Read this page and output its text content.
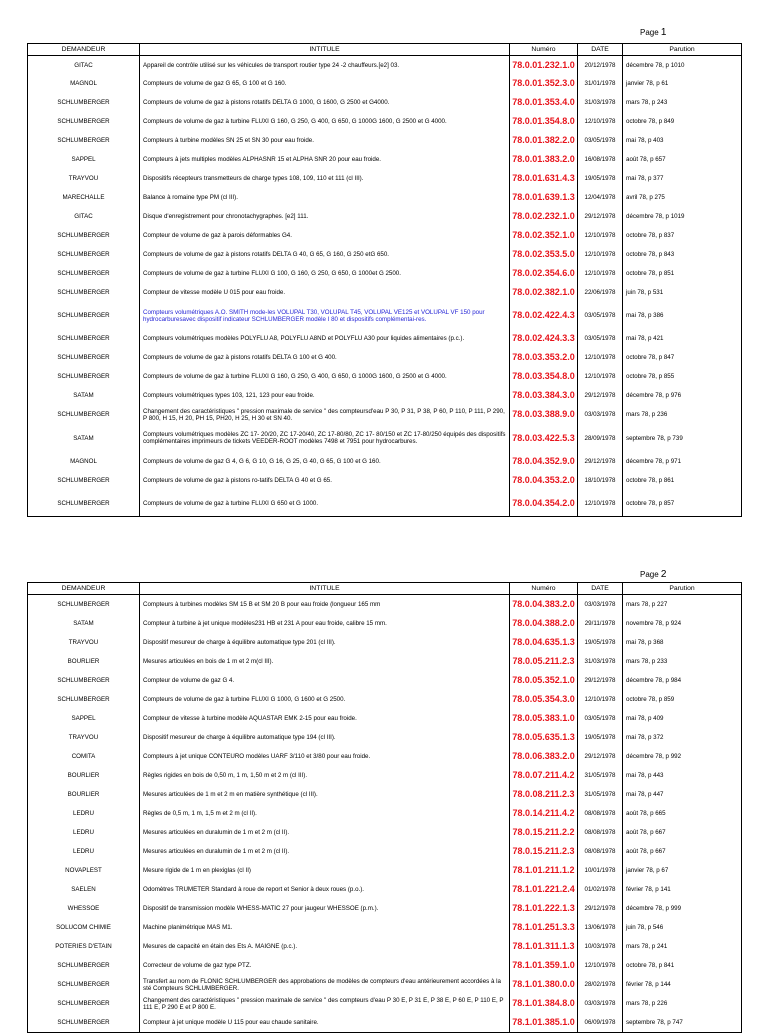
Page 1
DEMANDEUR	INTITULE	Numéro	DATE	Parution
GITAC	Appareil de contrôle utilisé sur les véhicules de transport routier type 24 -2 chauffeurs.[e2] 03.	78.0.01.232.1.0	20/12/1978	décembre 78, p 1010
MAGNOL	Compteurs de volume de gaz G 65, G 100 et G 160.	78.0.01.352.3.0	31/01/1978	janvier 78, p 61
SCHLUMBERGER	Compteurs de volume de gaz à pistons rotatifs DELTA G 1000, G 1600, G 2500 et G4000.	78.0.01.353.4.0	31/03/1978	mars 78, p 243
SCHLUMBERGER	Compteurs de volume de gaz à turbine FLUXI G 160, G 250, G 400, G 650, G 1000G 1600, G 2500 et G 4000.	78.0.01.354.8.0	12/10/1978	octobre 78, p 849
SCHLUMBERGER	Compteurs à turbine modèles SN 25 et SN 30 pour eau froide.	78.0.01.382.2.0	03/05/1978	mai 78, p 403
SAPPEL	Compteurs à jets multiples modèles ALPHASNR 15 et ALPHA SNR 20 pour eau froide.	78.0.01.383.2.0	16/08/1978	août 78, p 657
TRAYVOU	Dispositifs récepteurs transmetteurs de charge types 108, 109, 110 et 111 (cl III).	78.0.01.631.4.3	19/05/1978	mai 78, p 377
MARECHALLE	Balance à romaine type PM (cl III).	78.0.01.639.1.3	12/04/1978	avril 78, p 275
GITAC	Disque d'enregistrement pour chronotachygraphes. [e2] 111.	78.0.02.232.1.0	29/12/1978	décembre 78, p 1019
SCHLUMBERGER	Compteur de volume de gaz à parois déformables G4.	78.0.02.352.1.0	12/10/1978	octobre 78, p 837
SCHLUMBERGER	Compteurs de volume de gaz à pistons rotatifs DELTA G 40, G 65, G 160, G 250 etG 650.	78.0.02.353.5.0	12/10/1978	octobre 78, p 843
SCHLUMBERGER	Compteurs de volume de gaz à turbine FLUXI G 100, G 160, G 250, G 650, G 1000et G 2500.	78.0.02.354.6.0	12/10/1978	octobre 78, p 851
SCHLUMBERGER	Compteur de vitesse modèle U 015 pour eau froide.	78.0.02.382.1.0	22/06/1978	juin 78, p 531
SCHLUMBERGER	Compteurs volumétriques A.O. SMITH mode-les VOLUPAL T30, VOLUPAL T45, VOLUPAL VE125 et VOLUPAL VF 150 pour hydrocarburesavec dispositif indicateur SCHLUMBERGER modèle I 80 et dispositifs complémentai-res.	78.0.02.422.4.3	03/05/1978	mai 78, p 386
SCHLUMBERGER	Compteurs volumétriques modèles POLYFLU A8, POLYFLU A8ND et POLYFLU A30 pour liquides alimentaires (p.c.).	78.0.02.424.3.3	03/05/1978	mai 78, p 421
SCHLUMBERGER	Compteurs de volume de gaz à pistons rotatifs DELTA G 100 et G 400.	78.0.03.353.2.0	12/10/1978	octobre 78, p 847
SCHLUMBERGER	Compteurs de volume de gaz à turbine FLUXI G 160, G 250, G 400, G 650, G 1000G 1600, G 2500 et G 4000.	78.0.03.354.8.0	12/10/1978	octobre 78, p 855
SATAM	Compteurs volumétriques types 103, 121, 123 pour eau froide.	78.0.03.384.3.0	29/12/1978	décembre 78, p 976
SCHLUMBERGER	Changement des caractéristiques " pression maximale de service " des compteursd'eau P 30, P 31, P 38, P 60, P 110, P 111, P 290, P 800, H 15, H 20, PH 15, PH20, H 25, H 30 et SN 40.	78.0.03.388.9.0	03/03/1978	mars 78, p 236
SATAM	Compteurs volumétriques modèles ZC 17- 20/20, ZC 17-20/40, ZC 17-80/80, ZC 17- 80/150 et ZC 17-80/250 équipés des dispositifs complémentaires imprimeurs de tickets VEEDER-ROOT modèles 7498 et 7951 pour hydrocarbures.	78.0.03.422.5.3	28/09/1978	septembre 78, p 739
MAGNOL	Compteurs de volume de gaz G 4, G 6, G 10, G 16, G 25, G 40, G 65, G 100 et G 160.	78.0.04.352.9.0	29/12/1978	décembre 78, p 971
SCHLUMBERGER	Compteurs de volume de gaz à pistons ro-tatifs DELTA G 40 et G 65.	78.0.04.353.2.0	18/10/1978	octobre 78, p 861
SCHLUMBERGER	Compteurs de volume de gaz à turbine FLUXI G 650 et G 1000.	78.0.04.354.2.0	12/10/1978	octobre 78, p 857
Page 2
DEMANDEUR	INTITULE	Numéro	DATE	Parution
SCHLUMBERGER	Compteurs à turbines modèles SM 15 B et SM 20 B pour eau froide (longueur 165 mm	78.0.04.383.2.0	03/03/1978	mars 78, p 227
SATAM	Compteur à turbine à jet unique modèles231 HB et 231 A pour eau froide, calibre 15 mm.	78.0.04.388.2.0	29/11/1978	novembre 78, p 924
TRAYVOU	Dispositif mesureur de charge à équilibre automatique type 201 (cl III).	78.0.04.635.1.3	19/05/1978	mai 78, p 368
BOURLIER	Mesures articulées en bois de 1 m et 2 m(cl III).	78.0.05.211.2.3	31/03/1978	mars 78, p 233
SCHLUMBERGER	Compteur de volume de gaz G 4.	78.0.05.352.1.0	29/12/1978	décembre 78, p 984
SCHLUMBERGER	Compteurs de volume de gaz à turbine FLUXI G 1000, G 1600 et G 2500.	78.0.05.354.3.0	12/10/1978	octobre 78, p 859
SAPPEL	Compteur de vitesse à turbine modèle AQUASTAR EMK 2-15 pour eau froide.	78.0.05.383.1.0	03/05/1978	mai 78, p 409
TRAYVOU	Dispositif mesureur de charge à équilibre automatique type 194 (cl III).	78.0.05.635.1.3	19/05/1978	mai 78, p 372
COMITA	Compteurs à jet unique CONTEURO modèles UARF 3/110 et 3/80 pour eau froide.	78.0.06.383.2.0	29/12/1978	décembre 78, p 992
BOURLIER	Règles rigides en bois de 0,50 m, 1 m, 1,50 m et 2 m (cl III).	78.0.07.211.4.2	31/05/1978	mai 78, p 443
BOURLIER	Mesures articulées de 1 m et 2 m en matière synthétique (cl III).	78.0.08.211.2.3	31/05/1978	mai 78, p 447
LEDRU	Règles de 0,5 m, 1 m, 1,5 m et 2 m (cl II).	78.0.14.211.4.2	08/08/1978	août 78, p 665
LEDRU	Mesures articulées en duralumin de 1 m et 2 m (cl II).	78.0.15.211.2.2	08/08/1978	août 78, p 667
LEDRU	Mesures articulées en duralumin de 1 m et 2 m (cl II).	78.0.15.211.2.3	08/08/1978	août 78, p 667
NOVAPLEST	Mesure rigide de 1 m en plexiglas (cl II)	78.1.01.211.1.2	10/01/1978	janvier 78, p 67
SAELEN	Odomètres TRUMETER Standard à roue de report et Senior à deux roues (p.o.).	78.1.01.221.2.4	01/02/1978	février 78, p 141
WHESSOE	Dispositif de transmission modèle WHESS-MATIC 27 pour jaugeur WHESSOE (p.m.).	78.1.01.222.1.3	29/12/1978	décembre 78, p 999
SOLUCOM CHIMIE	Machine planimétrique MAS M1.	78.1.01.251.3.3	13/06/1978	juin 78, p 546
POTERIES D'ETAIN	Mesures de capacité en étain des Ets A. MAIGNE (p.c.).	78.1.01.311.1.3	10/03/1978	mars 78, p 241
SCHLUMBERGER	Correcteur de volume de gaz type PTZ.	78.1.01.359.1.0	12/10/1978	octobre 78, p 841
SCHLUMBERGER	Transfert au nom de FLONIC SCHLUMBERGER des approbations de modèles de compteurs d'eau antérieurement accordées à la sté Compteurs SCHLUMBERGER.	78.1.01.380.0.0	28/02/1978	février 78, p 144
SCHLUMBERGER	Changement des caractéristiques " pression maximale de service " des compteurs d'eau P 30 E, P 31 E, P 38 E, P 60 E, P 110 E, P 111 E, P 290 E et P 800 E.	78.1.01.384.8.0	03/03/1978	mars 78, p 226
SCHLUMBERGER	Compteur à jet unique modèle U 115 pour eau chaude sanitaire.	78.1.01.385.1.0	06/09/1978	septembre 78, p 747
